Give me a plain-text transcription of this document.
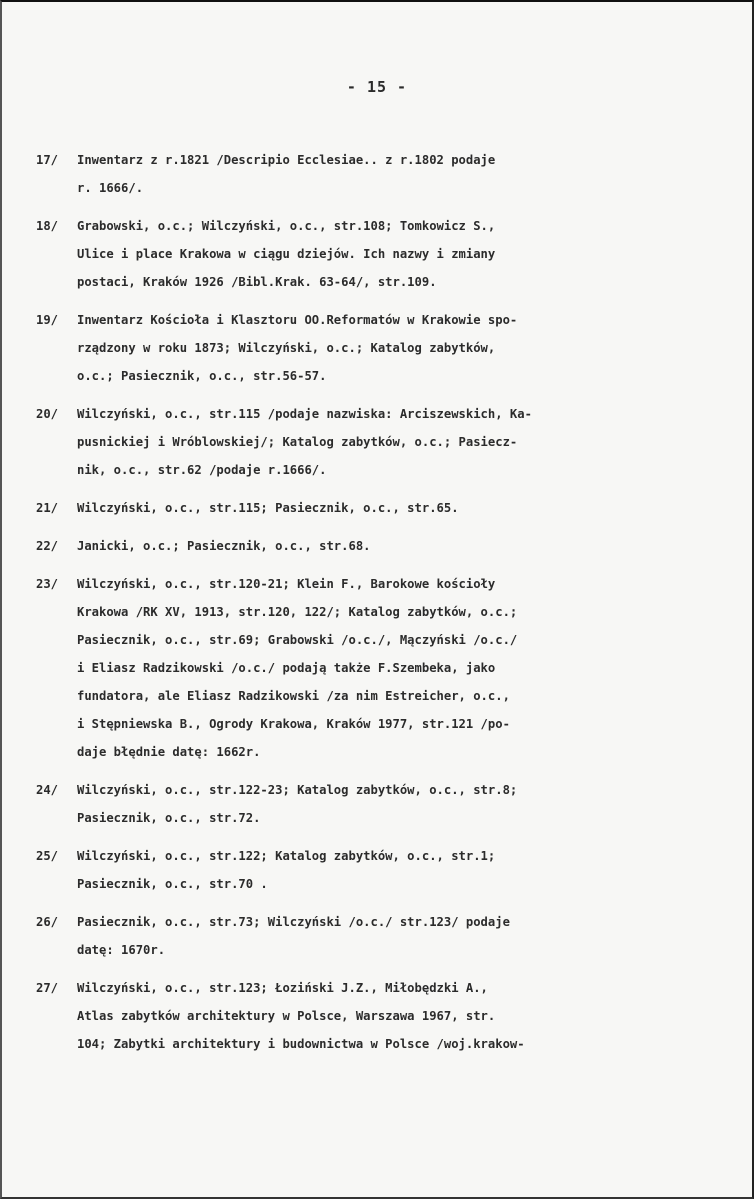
- 15 -
17/ Inwentarz z r.1821 /Descripio Ecclesiae.. z r.1802 podaje
r. 1666/.
18/ Grabowski, o.c.; Wilczyński, o.c., str.108; Tomkowicz S.,
Ulice i place Krakowa w ciągu dziejów. Ich nazwy i zmiany
postaci, Kraków 1926 /Bibl.Krak. 63-64/, str.109.
19/ Inwentarz Kościoła i Klasztoru OO.Reformatów w Krakowie spo-
rządzony w roku 1873; Wilczyński, o.c.; Katalog zabytków,
o.c.; Pasiecznik, o.c., str.56-57.
20/ Wilczyński, o.c., str.115 /podaje nazwiska: Arciszewskich, Ka-
pusnickiej i Wróblowskiej/; Katalog zabytków, o.c.; Pasiecz-
nik, o.c., str.62 /podaje r.1666/.
21/ Wilczyński, o.c., str.115; Pasiecznik, o.c., str.65.
22/ Janicki, o.c.; Pasiecznik, o.c., str.68.
23/ Wilczyński, o.c., str.120-21; Klein F., Barokowe kościoły
Krakowa /RK XV, 1913, str.120, 122/; Katalog zabytków, o.c.;
Pasiecznik, o.c., str.69; Grabowski /o.c./, Mączyński /o.c./
i Eliasz Radzikowski /o.c./ podają także F.Szembeka, jako
fundatora, ale Eliasz Radzikowski /za nim Estreicher, o.c.,
i Stępniewska B., Ogrody Krakowa, Kraków 1977, str.121 /po-
daje błędnie datę: 1662r.
24/ Wilczyński, o.c., str.122-23; Katalog zabytków, o.c., str.8;
Pasiecznik, o.c., str.72.
25/ Wilczyński, o.c., str.122; Katalog zabytków, o.c., str.1;
Pasiecznik, o.c., str.70 .
26/ Pasiecznik, o.c., str.73; Wilczyński /o.c./ str.123/ podaje
datę: 1670r.
27/ Wilczyński, o.c., str.123; Łoziński J.Z., Miłobędzki A.,
Atlas zabytków architektury w Polsce, Warszawa 1967, str.
104; Zabytki architektury i budownictwa w Polsce /woj.krakow-
